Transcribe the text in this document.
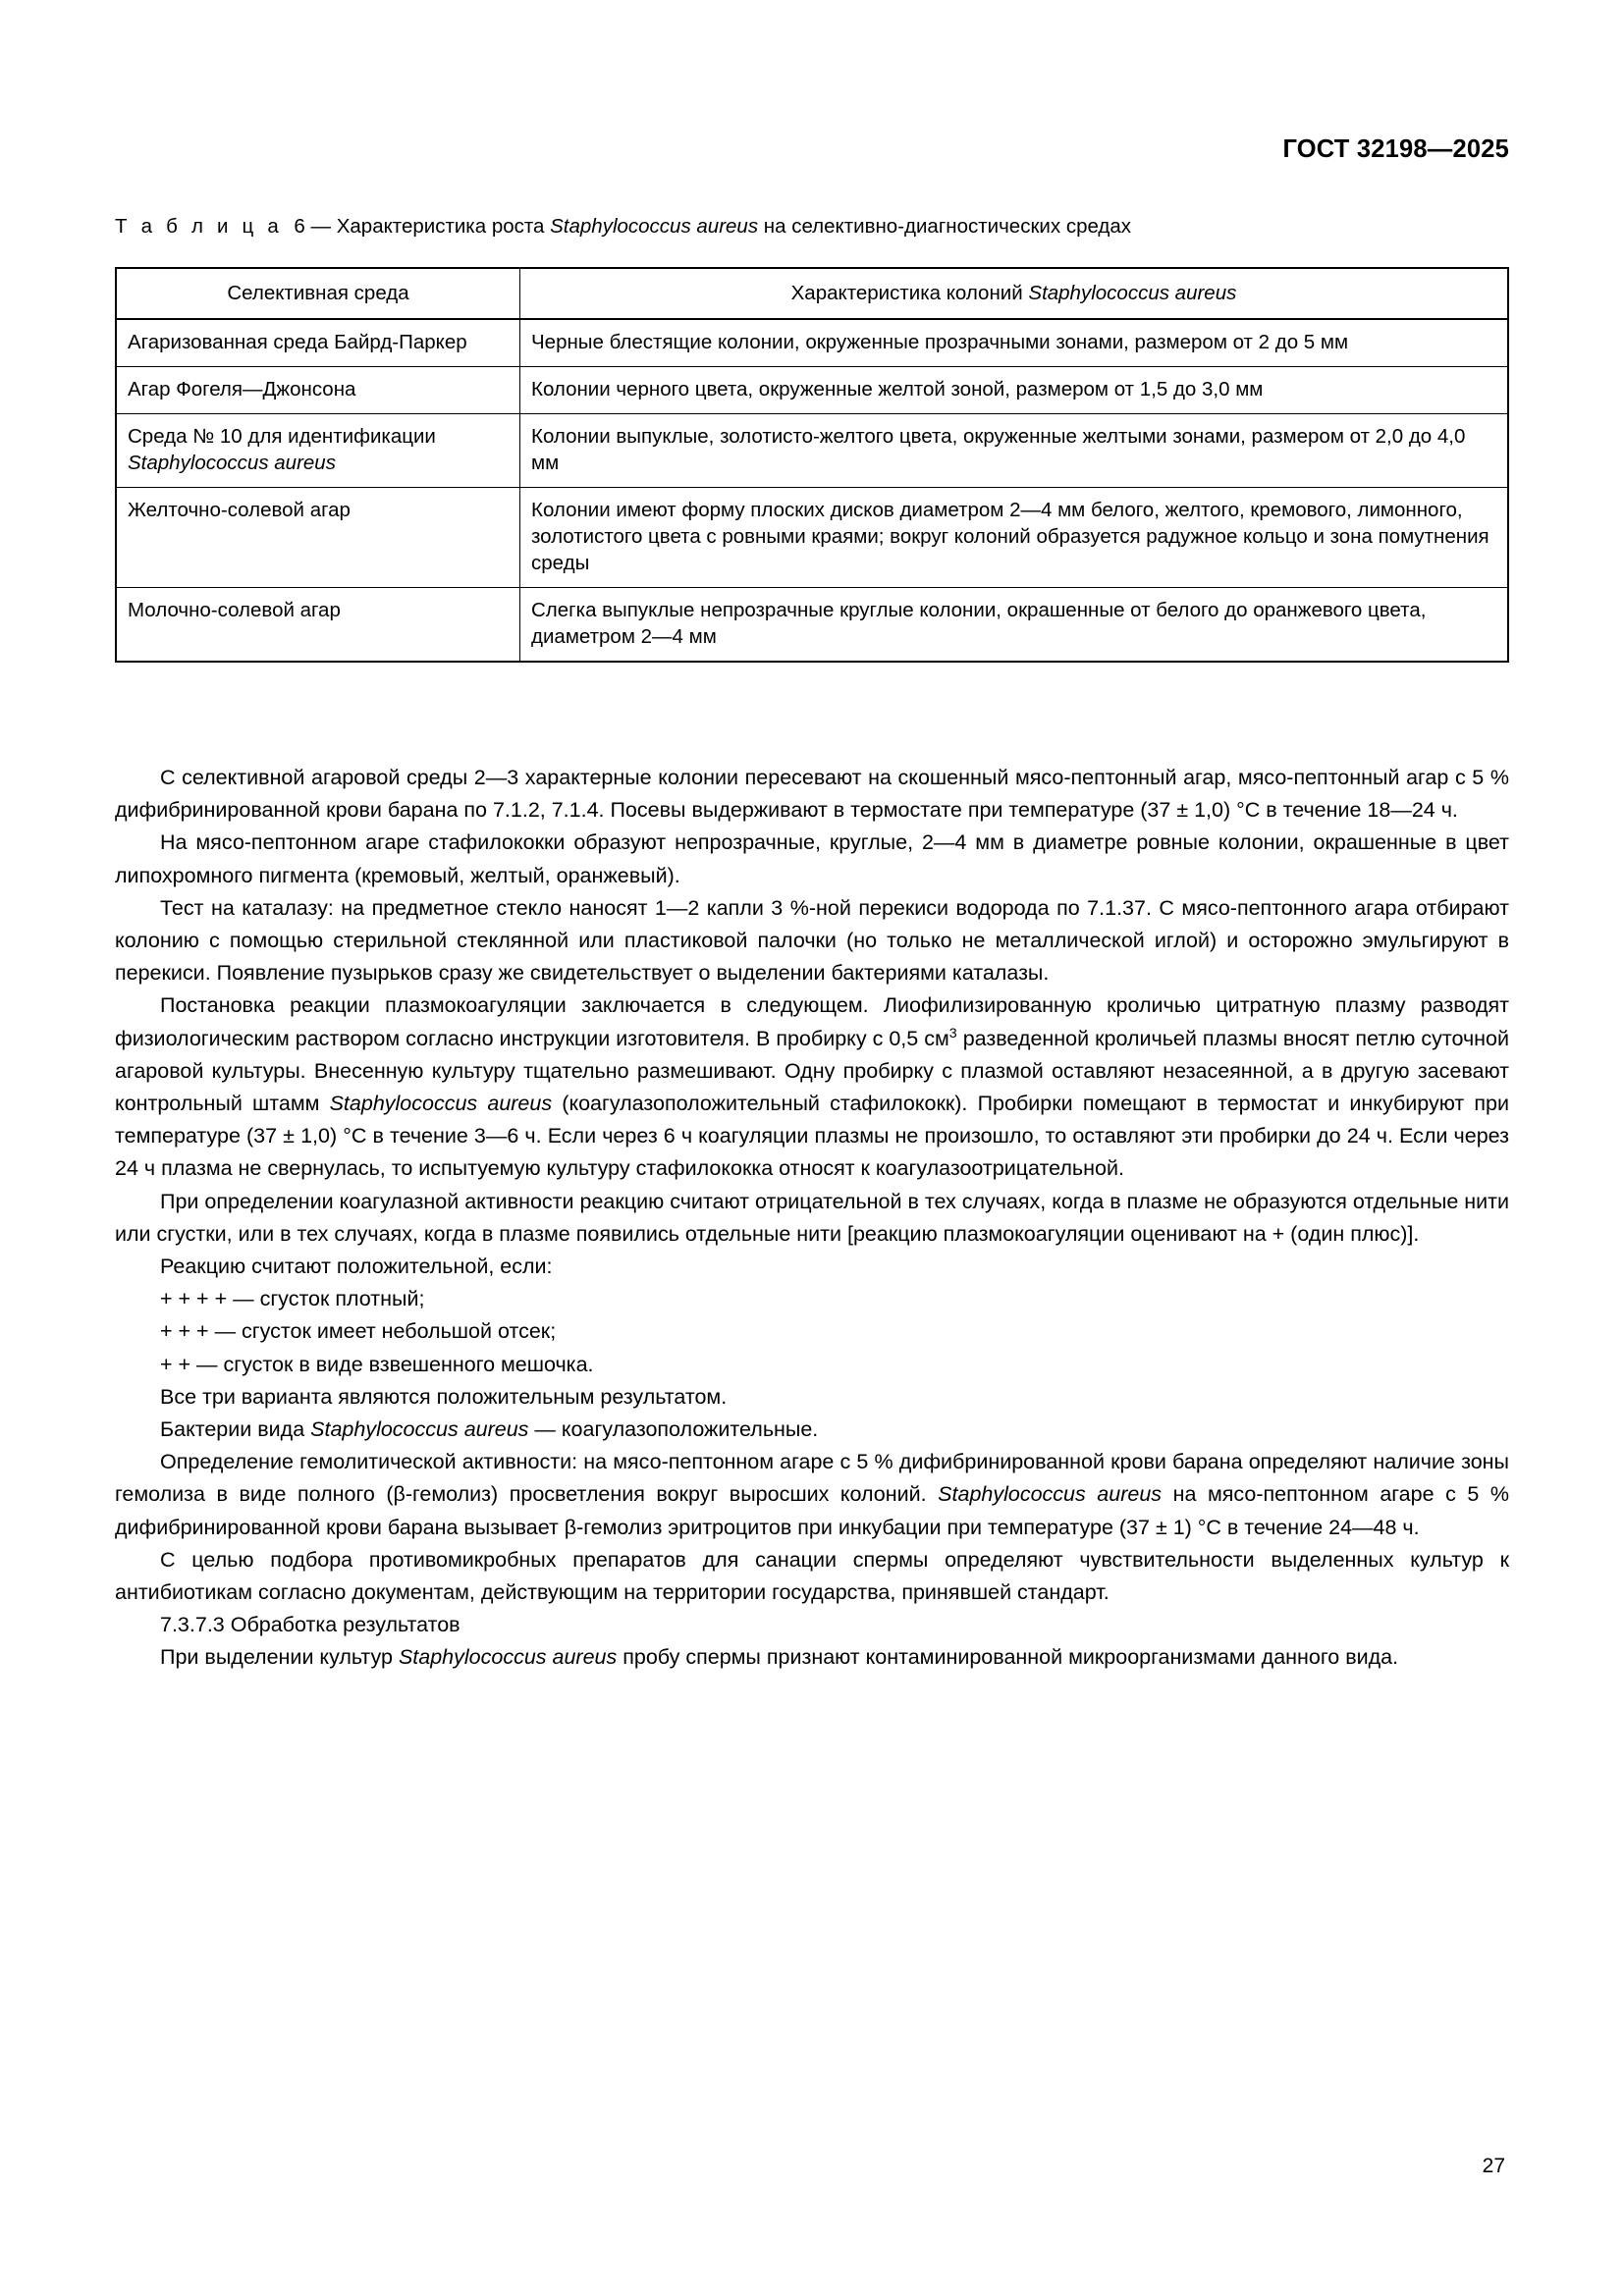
ГОСТ 32198—2025
Т а б л и ц а 6 — Характеристика роста Staphylococcus aureus на селективно-диагностических средах
Селективная среда	Характеристика колоний Staphylococcus aureus
Агаризованная среда Байрд-Паркер	Черные блестящие колонии, окруженные прозрачными зонами, размером от 2 до 5 мм
Агар Фогеля—Джонсона	Колонии черного цвета, окруженные желтой зоной, размером от 1,5 до 3,0 мм
Среда № 10 для идентификации Staphylococcus aureus	Колонии выпуклые, золотисто-желтого цвета, окруженные желтыми зонами, размером от 2,0 до 4,0 мм
Желточно-солевой агар	Колонии имеют форму плоских дисков диаметром 2—4 мм белого, желтого, кремового, лимонного, золотистого цвета с ровными краями; вокруг колоний образуется радужное кольцо и зона помутнения среды
Молочно-солевой агар	Слегка выпуклые непрозрачные круглые колонии, окрашенные от белого до оранжевого цвета, диаметром 2—4 мм

С селективной агаровой среды 2—3 характерные колонии пересевают на скошенный мясо-пептонный агар, мясо-пептонный агар с 5 % дифибринированной крови барана по 7.1.2, 7.1.4. Посевы выдерживают в термостате при температуре (37 ± 1,0) °С в течение 18—24 ч.

На мясо-пептонном агаре стафилококки образуют непрозрачные, круглые, 2—4 мм в диаметре ровные колонии, окрашенные в цвет липохромного пигмента (кремовый, желтый, оранжевый).

Тест на каталазу: на предметное стекло наносят 1—2 капли 3 %-ной перекиси водорода по 7.1.37. С мясо-пептонного агара отбирают колонию с помощью стерильной стеклянной или пластиковой палочки (но только не металлической иглой) и осторожно эмульгируют в перекиси. Появление пузырьков сразу же свидетельствует о выделении бактериями каталазы.

Постановка реакции плазмокоагуляции заключается в следующем. Лиофилизированную кроличью цитратную плазму разводят физиологическим раствором согласно инструкции изготовителя. В пробирку с 0,5 $см^3$ разведенной кроличьей плазмы вносят петлю суточной агаровой культуры. Внесенную культуру тщательно размешивают. Одну пробирку с плазмой оставляют незасеянной, а в другую засевают контрольный штамм Staphylococcus aureus (коагулазоположительный стафилококк). Пробирки помещают в термостат и инкубируют при температуре (37 ± 1,0) °С в течение 3—6 ч. Если через 6 ч коагуляции плазмы не произошло, то оставляют эти пробирки до 24 ч. Если через 24 ч плазма не свернулась, то испытуемую культуру стафилококка относят к коагулазоотрицательной.

При определении коагулазной активности реакцию считают отрицательной в тех случаях, когда в плазме не образуются отдельные нити или сгустки, или в тех случаях, когда в плазме появились отдельные нити [реакцию плазмокоагуляции оценивают на + (один плюс)].

Реакцию считают положительной, если:

+ + + + — сгусток плотный;

+ + + — сгусток имеет небольшой отсек;

+ + — сгусток в виде взвешенного мешочка.

Все три варианта являются положительным результатом.

Бактерии вида Staphylococcus aureus — коагулазоположительные.

Определение гемолитической активности: на мясо-пептонном агаре с 5 % дифибринированной крови барана определяют наличие зоны гемолиза в виде полного (β-гемолиз) просветления вокруг выросших колоний. Staphylococcus aureus на мясо-пептонном агаре с 5 % дифибринированной крови барана вызывает β-гемолиз эритроцитов при инкубации при температуре (37 ± 1) °С в течение 24—48 ч.

С целью подбора противомикробных препаратов для санации спермы определяют чувствительности выделенных культур к антибиотикам согласно документам, действующим на территории государства, принявшей стандарт.

7.3.7.3 Обработка результатов

При выделении культур Staphylococcus aureus пробу спермы признают контаминированной микроорганизмами данного вида.

27
